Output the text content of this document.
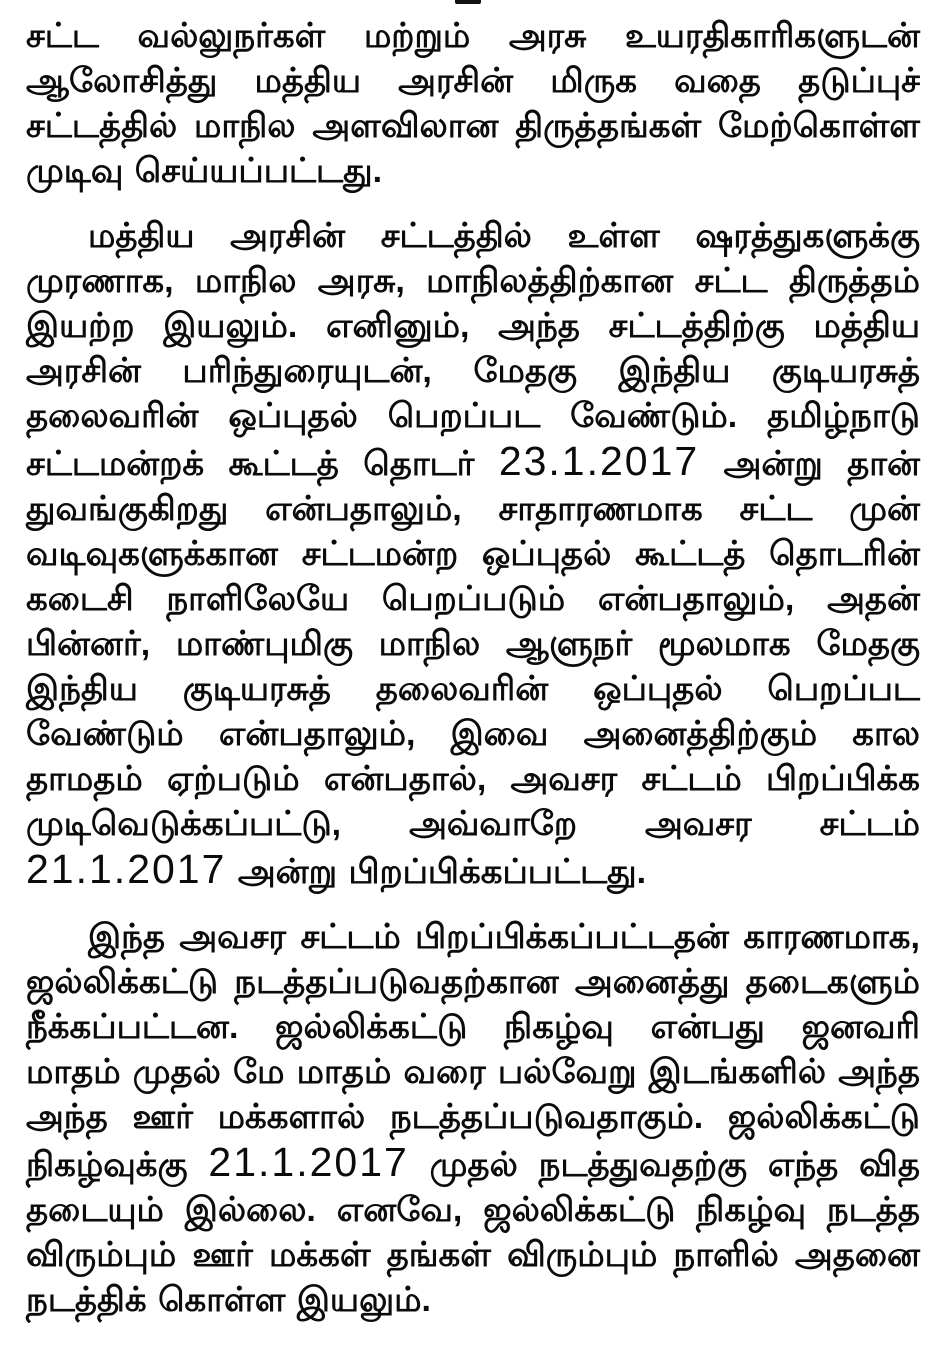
சட்ட வல்லுநர்கள் மற்றும் அரசு உயரதிகாரிகளுடன் ஆலோசித்து மத்திய அரசின் மிருக வதை தடுப்புச் சட்டத்தில் மாநில அளவிலான திருத்தங்கள் மேற்கொள்ள முடிவு செய்யப்பட்டது.

மத்திய அரசின் சட்டத்தில் உள்ள ஷரத்துகளுக்கு முரணாக, மாநில அரசு, மாநிலத்திற்கான சட்ட திருத்தம் இயற்ற இயலும். எனினும், அந்த சட்டத்திற்கு மத்திய அரசின் பரிந்துரையுடன், மேதகு இந்திய குடியரசுத் தலைவரின் ஒப்புதல் பெறப்பட வேண்டும். தமிழ்நாடு சட்டமன்றக் கூட்டத் தொடர் 23.1.2017 அன்று தான் துவங்குகிறது என்பதாலும், சாதாரணமாக சட்ட முன் வடிவுகளுக்கான சட்டமன்ற ஒப்புதல் கூட்டத் தொடரின் கடைசி நாளிலேயே பெறப்படும் என்பதாலும், அதன் பின்னர், மாண்புமிகு மாநில ஆளுநர் மூலமாக மேதகு இந்திய குடியரசுத் தலைவரின் ஒப்புதல் பெறப்பட வேண்டும் என்பதாலும், இவை அனைத்திற்கும் கால தாமதம் ஏற்படும் என்பதால், அவசர சட்டம் பிறப்பிக்க முடிவெடுக்கப்பட்டு, அவ்வாறே அவசர சட்டம் 21.1.2017 அன்று பிறப்பிக்கப்பட்டது.

இந்த அவசர சட்டம் பிறப்பிக்கப்பட்டதன் காரணமாக, ஜல்லிக்கட்டு நடத்தப்படுவதற்கான அனைத்து தடைகளும் நீக்கப்பட்டன. ஜல்லிக்கட்டு நிகழ்வு என்பது ஜனவரி மாதம் முதல் மே மாதம் வரை பல்வேறு இடங்களில் அந்த அந்த ஊர் மக்களால் நடத்தப்படுவதாகும். ஜல்லிக்கட்டு நிகழ்வுக்கு 21.1.2017 முதல் நடத்துவதற்கு எந்த வித தடையும் இல்லை. எனவே, ஜல்லிக்கட்டு நிகழ்வு நடத்த விரும்பும் ஊர் மக்கள் தங்கள் விரும்பும் நாளில் அதனை நடத்திக் கொள்ள இயலும்.
